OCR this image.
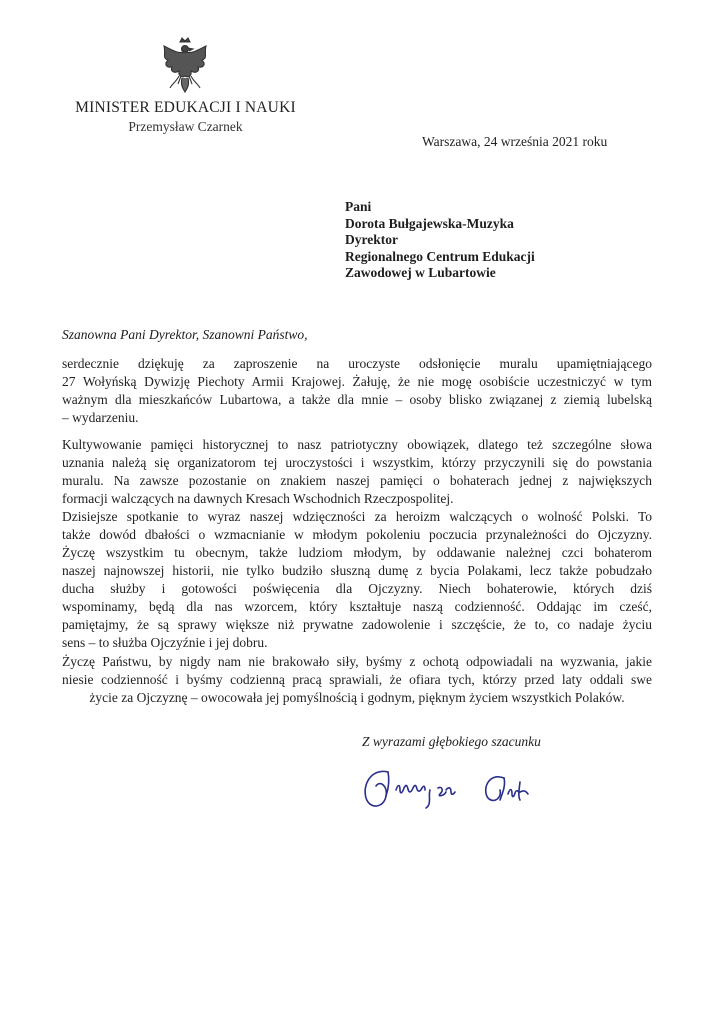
MINISTER EDUKACJI I NAUKI
Przemysław Czarnek
Warszawa, 24 września 2021 roku
Pani
Dorota Bułgajewska-Muzyka
Dyrektor
Regionalnego Centrum Edukacji
Zawodowej w Lubartowie
Szanowna Pani Dyrektor, Szanowni Państwo,
serdecznie dziękuję za zaproszenie na uroczyste odsłonięcie muralu upamiętniającego
27 Wołyńską Dywizję Piechoty Armii Krajowej. Żałuję, że nie mogę osobiście uczestniczyć w tym
ważnym dla mieszkańców Lubartowa, a także dla mnie – osoby blisko związanej z ziemią lubelską
– wydarzeniu.
Kultywowanie pamięci historycznej to nasz patriotyczny obowiązek, dlatego też szczególne słowa
uznania należą się organizatorom tej uroczystości i wszystkim, którzy przyczynili się do powstania
muralu. Na zawsze pozostanie on znakiem naszej pamięci o bohaterach jednej z największych
formacji walczących na dawnych Kresach Wschodnich Rzeczpospolitej.
Dzisiejsze spotkanie to wyraz naszej wdzięczności za heroizm walczących o wolność Polski. To
także dowód dbałości o wzmacnianie w młodym pokoleniu poczucia przynależności do Ojczyzny.
Życzę wszystkim tu obecnym, także ludziom młodym, by oddawanie należnej czci bohaterom
naszej najnowszej historii, nie tylko budziło słuszną dumę z bycia Polakami, lecz także pobudzało
ducha służby i gotowości poświęcenia dla Ojczyzny. Niech bohaterowie, których dziś
wspominamy, będą dla nas wzorcem, który kształtuje naszą codzienność. Oddając im cześć,
pamiętajmy, że są sprawy większe niż prywatne zadowolenie i szczęście, że to, co nadaje życiu
sens – to służba Ojczyźnie i jej dobru.
Życzę Państwu, by nigdy nam nie brakowało siły, byśmy z ochotą odpowiadali na wyzwania, jakie
niesie codzienność i byśmy codzienną pracą sprawiali, że ofiara tych, którzy przed laty oddali swe
życie za Ojczyznę – owocowała jej pomyślnością i godnym, pięknym życiem wszystkich Polaków.
Z wyrazami głębokiego szacunku
